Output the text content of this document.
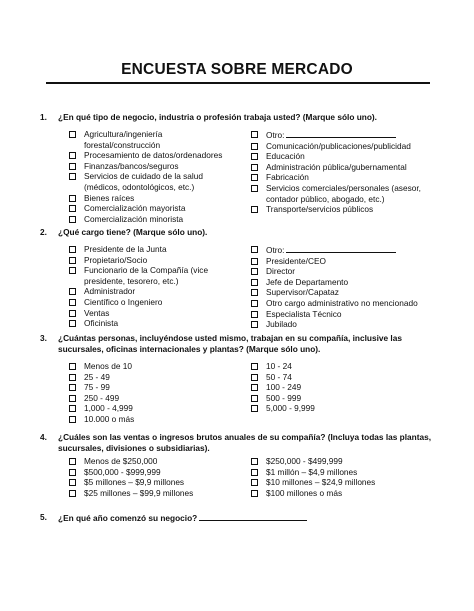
ENCUESTA SOBRE MERCADO
1.	¿En qué tipo de negocio, industria o profesión trabaja usted? (Marque sólo uno).
Agricultura/ingeniería forestal/construcción
Procesamiento de datos/ordenadores
Finanzas/bancos/seguros
Servicios de cuidado de la salud (médicos, odontológicos, etc.)
Bienes raíces
Comercialización mayorista
Comercialización minorista
Otro:
Comunicación/publicaciones/publicidad
Educación
Administración pública/gubernamental
Fabricación
Servicios comerciales/personales (asesor, contador público, abogado, etc.)
Transporte/servicios públicos
2.	¿Qué cargo tiene? (Marque sólo uno).
Presidente de la Junta
Propietario/Socio
Funcionario de la Compañía (vice presidente, tesorero, etc.)
Administrador
Científico o Ingeniero
Ventas
Oficinista
Otro:
Presidente/CEO
Director
Jefe de Departamento
Supervisor/Capataz
Otro cargo administrativo no mencionado
Especialista Técnico
Jubilado
3.	¿Cuántas personas, incluyéndose usted mismo, trabajan en su compañía, inclusive las sucursales, oficinas internacionales y plantas? (Marque sólo uno).
Menos de 10
25 - 49
75 - 99
250 - 499
1,000 - 4,999
10.000 o más
10 - 24
50 - 74
100 - 249
500 - 999
5,000 - 9,999
4.	¿Cuáles son las ventas o ingresos brutos anuales de su compañía? (Incluya todas las plantas, sucursales, divisiones o subsidiarias).
Menos de $250,000
$500,000 - $999,999
$5 millones – $9,9 millones
$25 millones – $99,9 millones
$250,000 - $499,999
$1 millón – $4,9 millones
$10 millones – $24,9 millones
$100 millones o más
5.	¿En qué año comenzó su negocio?
